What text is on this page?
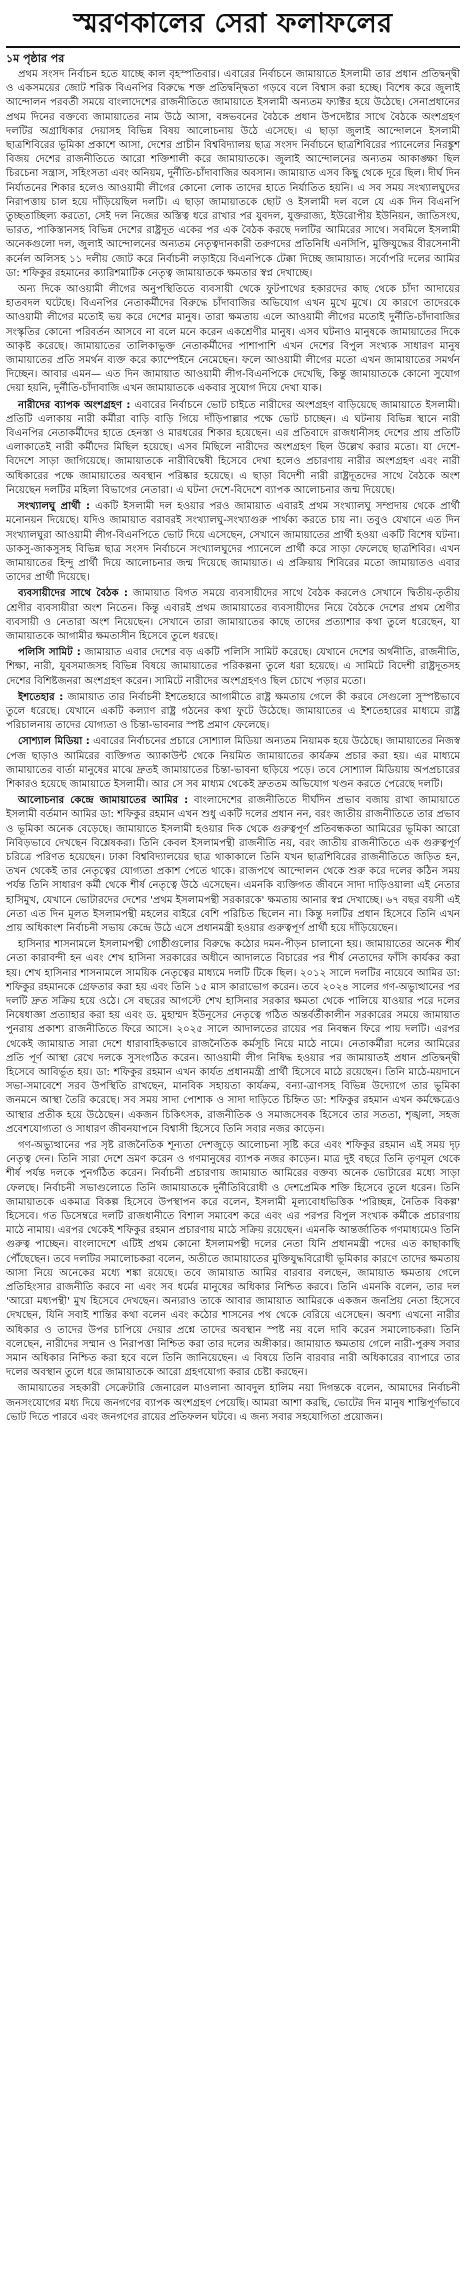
স্মরণকালের সেরা ফলাফলের
১ম পৃষ্ঠার পর

প্রথম সংসদ নির্বাচন হতে যাচ্ছে কাল বৃহস্পতিবার। এবারের নির্বাচনে জামায়াতে ইসলামী তার প্রধান প্রতিদ্বন্দ্বী ও একসময়ের জোট শরিক বিএনপির বিরুদ্ধে শক্ত প্রতিদ্বন্দ্বিতা গড়বে বলে বিশ্বাস করা হচ্ছে। বিশেষ করে জুলাই আন্দোলন পরবর্তী সময়ে বাংলাদেশের রাজনীতিতে জামায়াতে ইসলামী অন্যতম ফ্যাক্টর হয়ে উঠেছে। সেনাপ্রধানের প্রথম দিনের বক্তব্যে জামায়াতের নাম উঠে আসা, বঙ্গভবনের বৈঠকে প্রধান উপদেষ্টার সাথে বৈঠকে অংশগ্রহণ দলটির অগ্রাধিকার দেয়াসহ বিভিন্ন বিষয় আলোচনায় উঠে এসেছে। এ ছাড়া জুলাই আন্দোলনে ইসলামী ছাত্রশিবিরের ভূমিকা প্রকাশে আসা, দেশের প্রাচীন বিশ্ববিদ্যালয় ছাত্র সংসদ নির্বাচনে ছাত্রশিবিরের প্যানেলের নিরঙ্কুশ বিজয় দেশের রাজনীতিতে আরো শক্তিশালী করে জামায়াতকে। জুলাই আন্দোলনের অন্যতম আকাঙ্ক্ষা ছিল চিরচেনা সন্ত্রাস, সহিংসতা এবং অনিয়ম, দুর্নীতি-চাঁদাবাজির অবসান। জামায়াত এসব কিছু থেকে দূরে ছিল। দীর্ঘ দিন নির্যাতনের শিকার হলেও আওয়ামী লীগের কোনো লোক তাদের হাতে নির্যাতিত হয়নি। এ সব সময় সংখ্যালঘুদের নিরাপত্তায় চাল হয়ে দাঁড়িয়েছিল দলটি। এ ছাড়া জামায়াতকে ছোট ও ইসলামী দল বলে যে এক দিন বিএনপি তুচ্ছতাচ্ছিল্য করতো, সেই দল নিজের অস্তিত্ব ধরে রাখার পর যুবদল, যুক্তরাজ্য, ইউরোপীয় ইউনিয়ন, জাতিসংঘ, ভারত, পাকিস্তানসহ বিভিন্ন দেশের রাষ্ট্রদূত একের পর এক বৈঠক করছে দলটির আমিরের সাথে। সবমিলে ইসলামী অনেকগুলো দল, জুলাই আন্দোলনের অন্যতম নেতৃত্বদানকারী তরুণদের প্রতিনিধি এনসিপি, মুক্তিযুদ্ধের বীরসেনানী কর্নেল অলিসহ ১১ দলীয় জোট করে নির্বাচনী লড়াইয়ে বিএনপিকে টেক্কা দিচ্ছে জামায়াত। সর্বোপরি দলের আমির ডা: শফিকুর রহমানের ক্যারিশমাটিক নেতৃত্ব জামায়াতকে ক্ষমতার স্বপ্ন দেখাচ্ছে।

অন্য দিকে আওয়ামী লীগের অনুপস্থিতিতে ব্যবসায়ী থেকে ফুটপাথের হকারদের কাছ থেকে চাঁদা আদায়ের হাতবদল ঘটেছে। বিএনপির নেতাকর্মীদের বিরুদ্ধে চাঁদাবাজির অভিযোগ এখন মুখে মুখে। যে কারণে তাদেরকে আওয়ামী লীগের মতোই ভয় করে দেশের মানুষ। তারা ক্ষমতায় এলে আওয়ামী লীগের মতোই দুর্নীতি-চাঁদাবাজির সংস্কৃতির কোনো পরিবর্তন আসবে না বলে মনে করেন একশ্রেণীর মানুষ। এসব ঘটনাও মানুষকে জামায়াতের দিকে আকৃষ্ট করেছে। জামায়াতের তালিকাভুক্ত নেতাকর্মীদের পাশাপাশি এখন দেশের বিপুল সংখ্যক সাধারণ মানুষ জামায়াতের প্রতি সমর্থন ব্যক্ত করে ক্যাম্পেইনে নেমেছেন। ফলে আওয়ামী লীগের মতো এখন জামায়াতের সমর্থন দিচ্ছেন। আবার এমন— এত দিন জামায়াত আওয়ামী লীগ-বিএনপিকে দেখেছি, কিন্তু জামায়াতকে কোনো সুযোগ দেয়া হয়নি, দুর্নীতি-চাঁদাবাজি এখন জামায়াতকে একবার সুযোগ দিয়ে দেখা যাক।

নারীদের ব্যাপক অংশগ্রহণ : এবারের নির্বাচনে ভোট চাইতে নারীদের অংশগ্রহণ বাড়িয়েছে জামায়াতে ইসলামী। প্রতিটি এলাকায় নারী কর্মীরা বাড়ি বাড়ি গিয়ে দাঁড়িপাল্লার পক্ষে ভোট চাচ্ছেন। এ ঘটনায় বিভিন্ন স্থানে নারী বিএনপির নেতাকর্মীদের হাতে হেনস্তা ও মারধরের শিকার হয়েছেন। এর প্রতিবাদে রাজধানীসহ দেশের প্রায় প্রতিটি এলাকাতেই নারী কর্মীদের মিছিল হয়েছে। এসব মিছিলে নারীদের অংশগ্রহণ ছিল উল্লেখ করার মতো। যা দেশে-বিদেশে সাড়া জাগিয়েছে। জামায়াতকে নারীবিদ্বেষী হিসেবে দেখা হলেও প্রচারণায় নারীর অংশগ্রহণ এবং নারী অধিকারের পক্ষে জামায়াতের অবস্থান পরিষ্কার হয়েছে। এ ছাড়া বিদেশী নারী রাষ্ট্রদূতদের সাথে বৈঠকে অংশ নিয়েছেন দলটির মহিলা বিভাগের নেতারা। এ ঘটনা দেশে-বিদেশে ব্যাপক আলোচনার জন্ম দিয়েছে।

সংখ্যালঘু প্রার্থী : একটি ইসলামী দল হওয়ার পরও জামায়াত এবারই প্রথম সংখ্যালঘু সম্প্রদায় থেকে প্রার্থী মনোনয়ন দিয়েছে। যদিও জামায়াত বরাবরই সংখ্যালঘু-সংখ্যাগুরু পার্থক্য করতে চায় না। তবুও যেখানে এত দিন সংখ্যালঘুরা আওয়ামী লীগ-বিএনপিতে ভোট দিয়ে এসেছেন, সেখানে জামায়াতের প্রার্থী হওয়া একটি বিশেষ ঘটনা। ডাকসু-জাকসুসহ বিভিন্ন ছাত্র সংসদ নির্বাচনে সংখ্যালঘুদের প্যানেলে প্রার্থী করে সাড়া ফেলেছে ছাত্রশিবির। এখন জামায়াতের হিন্দু প্রার্থী দিয়ে আলোচনার জন্ম দিয়েছে জামায়াত। এ প্রক্রিয়ায় শিবিরের মতো জামায়াতও এবার তাদের প্রার্থী দিয়েছে।

ব্যবসায়ীদের সাথে বৈঠক : জামায়াত বিগত সময়ে ব্যবসায়ীদের সাথে বৈঠক করলেও সেখানে দ্বিতীয়-তৃতীয় শ্রেণীর ব্যবসায়ীরা অংশ নিতেন। কিন্তু এবারই প্রথম জামায়াতের ব্যবসায়ীদের নিয়ে বৈঠকে দেশের প্রথম শ্রেণীর ব্যবসায়ী ও নেতারা অংশ নিয়েছেন। সেখানে তারা জামায়াতের কাছে তাদের প্রত্যাশার কথা তুলে ধরেছেন, যা জামায়াতকে আগামীর ক্ষমতাসীন হিসেবে তুলে ধরছে।

পলিসি সামিট : জামায়াত এবার দেশের বড় একটি পলিসি সামিট করেছে। যেখানে দেশের অর্থনীতি, রাজনীতি, শিক্ষা, নারী, যুবসমাজসহ বিভিন্ন বিষয়ে জামায়াতের পরিকল্পনা তুলে ধরা হয়েছে। এ সামিটে বিদেশী রাষ্ট্রদূতসহ দেশের বিশিষ্টজনরা অংশগ্রহণ করেন। সামিটে নারীদের অংশগ্রহণও ছিল চোখে পড়ার মতো।

ইশতেহার : জামায়াত তার নির্বাচনী ইশতেহারে আগামীতে রাষ্ট্র ক্ষমতায় গেলে কী করবে সেগুলো সুস্পষ্টভাবে তুলে ধরেছে। যেখানে একটি কল্যাণ রাষ্ট্র গঠনের কথা ফুটে উঠেছে। জামায়াতের এ ইশতেহারের মাধ্যমে রাষ্ট্র পরিচালনায় তাদের যোগ্যতা ও চিন্তা-ভাবনার স্পষ্ট প্রমাণ ফেলেছে।

সোশ্যাল মিডিয়া : এবারের নির্বাচনের প্রচারে সোশ্যাল মিডিয়া অন্যতম নিয়ামক হয়ে উঠেছে। জামায়াতের নিজস্ব পেজ ছাড়াও আমিরের ব্যক্তিগত অ্যাকাউন্ট থেকে নিয়মিত জামায়াতের কার্যক্রম প্রচার করা হয়। এর মাধ্যমে জামায়াতের বার্তা মানুষের মাঝে দ্রুতই জামায়াতের চিন্তা-ভাবনা ছড়িয়ে পড়ে। তবে সোশ্যাল মিডিয়ায় অপপ্রচারের শিকারও হয়েছে জামায়াতে ইসলামী। আর সে সব মাধ্যম থেকেই দ্রুততম অভিযোগ খণ্ডন করতে পেরেছে দলটি।

আলোচনার কেন্দ্রে জামায়াতের আমির : বাংলাদেশের রাজনীতিতে দীর্ঘদিন প্রভাব বজায় রাখা জামায়াতে ইসলামী বর্তমান আমির ডা: শফিকুর রহমান এখন শুধু একটি দলের প্রধান নন, বরং জাতীয় রাজনীতিতে তার প্রভাব ও ভূমিকা অনেক বেড়েছে। জামায়াতে ইসলামী হওয়ার দিক থেকে গুরুত্বপূর্ণ প্রতিবন্ধকতা আমিরের ভূমিকা আরো নিবিড়ভাবে দেখছেন বিশ্লেষকরা। তিনি কেবল ইসলামপন্থী রাজনীতি নয়, বরং জাতীয় রাজনীতিতে এক গুরুত্বপূর্ণ চরিত্রে পরিণত হয়েছেন। ঢাকা বিশ্ববিদ্যালয়ের ছাত্র থাকাকালে তিনি যখন ছাত্রশিবিরের রাজনীতিতে জড়িত হন, তখন থেকেই তার নেতৃত্বের যোগ্যতা প্রকাশ পেতে থাকে। রাজপথে আন্দোলন থেকে শুরু করে দলের কঠিন সময় পর্যন্ত তিনি সাধারণ কর্মী থেকে শীর্ষ নেতৃত্বে উঠে এসেছেন। এমনকি ব্যক্তিগত জীবনে সাদা দাড়িওয়ালা এই নেতার হাসিমুখ, যেখানে ভোটারদের দেশের 'প্রথম ইসলামপন্থী সরকারকে' ক্ষমতায় আনার স্বপ্ন দেখাচ্ছে। ৬৭ বছর বয়সী এই নেতা এত দিন মূলত ইসলামপন্থী মহলের বাইরে বেশি পরিচিত ছিলেন না। কিন্তু দলটির প্রধান হিসেবে তিনি এখন প্রায় অধিকাংশ নির্বাচনী সভায় কেন্দ্রে উঠে এসে প্রধানমন্ত্রী হওয়ার গুরুত্বপূর্ণ প্রার্থী হয়ে দাঁড়িয়েছেন।

হাসিনার শাসনামলে ইসলামপন্থী গোষ্ঠীগুলোর বিরুদ্ধে কঠোর দমন-পীড়ন চালানো হয়। জামায়াতের অনেক শীর্ষ নেতা কারাবন্দী হন এবং শেখ হাসিনা সরকারের অধীনে আদালতে বিচারের পর শীর্ষ নেতাদের ফাঁসি কার্যকর করা হয়। শেখ হাসিনার শাসনামলে সাময়িক নেতৃত্বের মাধ্যমে দলটি টিকে ছিল। ২০১২ সালে দলটির নায়েবে আমির ডা: শফিকুর রহমানকে গ্রেফতার করা হয় এবং তিনি ১৫ মাস কারাভোগ করেন। তবে ২০২৪ সালের গণ-অভ্যুত্থানের পর দলটি দ্রুত সক্রিয় হয়ে ওঠে। সে বছরের আগস্টে শেখ হাসিনার সরকার ক্ষমতা থেকে পালিয়ে যাওয়ার পরে দলের নিষেধাজ্ঞা প্রত্যাহার করা হয় এবং ড. মুহাম্মদ ইউনূসের নেতৃত্বে গঠিত অন্তর্বর্তীকালীন সরকারের সময়ে জামায়াত পুনরায় প্রকাশ্য রাজনীতিতে ফিরে আসে। ২০২৫ সালে আদালতের রায়ের পর নিবন্ধন ফিরে পায় দলটি। এরপর থেকেই জামায়াত সারা দেশে ধারাবাহিকভাবে রাজনৈতিক কর্মসূচি নিয়ে মাঠে নামে। নেতাকর্মীরা দলের আমিরের প্রতি পূর্ণ আস্থা রেখে দলকে সুসংগঠিত করেন। আওয়ামী লীগ নিষিদ্ধ হওয়ার পর জামায়াতই প্রধান প্রতিদ্বন্দ্বী হিসেবে আবির্ভূত হয়। ডা: শফিকুর রহমান এখন কার্যত প্রধানমন্ত্রী প্রার্থী হিসেবে মাঠে রয়েছেন। তিনি মাঠে-ময়দানে সভা-সমাবেশে সরব উপস্থিতি রাখছেন, মানবিক সহায়তা কার্যক্রম, বন্যা-ত্রাণসহ বিভিন্ন উদ্যোগে তার ভূমিকা জনমনে আস্থা তৈরি করেছে। সব সময় সাদা পোশাক ও সাদা দাড়িতে চিহ্নিত ডা: শফিকুর রহমান এখন কর্মক্ষেত্রেও আস্থার প্রতীক হয়ে উঠেছেন। একজন চিকিৎসক, রাজনীতিক ও সমাজসেবক হিসেবে তার সততা, শৃঙ্খলা, সহজ প্রবেশযোগ্যতা ও সাধারণ জীবনযাপনে বিশ্বাসী হিসেবে তিনি সবার নজর কাড়েন।

গণ-অভ্যুত্থানের পর সৃষ্ট রাজনৈতিক শূন্যতা দেশজুড়ে আলোচনা সৃষ্টি করে এবং শফিকুর রহমান এই সময় দৃঢ় নেতৃত্ব দেন। তিনি সারা দেশে ভ্রমণ করেন ও গণমানুষের ব্যাপক নজর কাড়েন। মাত্র দুই বছরে তিনি তৃণমূল থেকে শীর্ষ পর্যন্ত দলকে পুনর্গঠিত করেন। নির্বাচনী প্রচারণায় জামায়াত আমিরের বক্তব্য অনেক ভোটারের মধ্যে সাড়া ফেলছে। নির্বাচনী সভাগুলোতে তিনি জামায়াতকে দুর্নীতিবিরোধী ও দেশপ্রেমিক শক্তি হিসেবে তুলে ধরেন। তিনি জামায়াতকে একমাত্র বিকল্প হিসেবে উপস্থাপন করে বলেন, ইসলামী মূল্যবোধভিত্তিক 'পরিচ্ছন্ন, নৈতিক বিকল্প' হিসেবে। গত ডিসেম্বরে দলটি রাজধানীতে বিশাল সমাবেশ করে এবং এর পরপর বিপুল সংখ্যক কর্মীকে প্রচারণায় মাঠে নামায়। এরপর থেকেই শফিকুর রহমান প্রচারণায় মাঠে সক্রিয় রয়েছেন। এমনকি আন্তর্জাতিক গণমাধ্যমেও তিনি গুরুত্ব পাচ্ছেন। বাংলাদেশে এটিই প্রথম কোনো ইসলামপন্থী দলের নেতা যিনি প্রধানমন্ত্রী পদের এত কাছাকাছি পৌঁছেছেন। তবে দলটির সমালোচকরা বলেন, অতীতে জামায়াতের মুক্তিযুদ্ধবিরোধী ভূমিকার কারণে তাদের ক্ষমতায় আসা নিয়ে অনেকের মধ্যে শঙ্কা রয়েছে। তবে জামায়াত আমির বারবার বলছেন, জামায়াত ক্ষমতায় গেলে প্রতিহিংসার রাজনীতি করবে না এবং সব ধর্মের মানুষের অধিকার নিশ্চিত করবে। তিনি এমনকি বলেন, তার দল 'আরো মধ্যপন্থী' মুখ হিসেবে দেখছেন। অন্যরাও তাকে আবার জামায়াত আমিরকে একজন জনপ্রিয় নেতা হিসেবে দেখছেন, যিনি সবাই শান্তির কথা বলেন এবং কঠোর শাসনের পথ থেকে বেরিয়ে এসেছেন। অবশ্য এখনো নারীর অধিকার ও তাদের উপর চাপিয়ে দেয়ার প্রশ্নে তাদের অবস্থান স্পষ্ট নয় বলে দাবি করেন সমালোচকরা। তিনি বলেছেন, নারীদের সম্মান ও নিরাপত্তা নিশ্চিত করা তার দলের অঙ্গীকার। জামায়াত ক্ষমতায় গেলে নারী-পুরুষ সবার সমান অধিকার নিশ্চিত করা হবে বলে তিনি জানিয়েছেন। এ বিষয়ে তিনি বারবার নারী অধিকারের ব্যাপারে তার দলের অবস্থান তুলে ধরে জামায়াতকে আরো গ্রহণযোগ্য করার চেষ্টা করছেন।

জামায়াতের সহকারী সেক্রেটারি জেনারেল মাওলানা আবদুল হালিম নয়া দিগন্তকে বলেন, আমাদের নির্বাচনী জনসংযোগের মধ্য দিয়ে জনগণের ব্যাপক অংশগ্রহণ পেয়েছি। আমরা আশা করছি, ভোটের দিন মানুষ শান্তিপূর্ণভাবে ভোট দিতে পারবে এবং জনগণের রায়ের প্রতিফলন ঘটবে। এ জন্য সবার সহযোগিতা প্রয়োজন।
